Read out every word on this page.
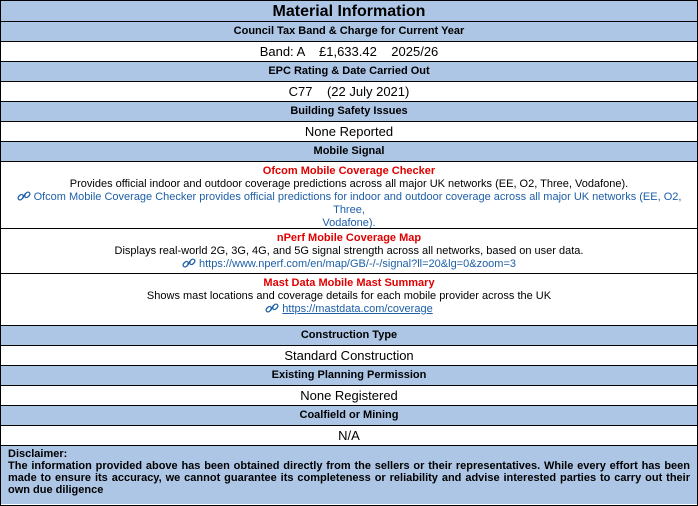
Material Information
Council Tax Band & Charge for Current Year
Band: A £1,633.42 2025/26
EPC Rating & Date Carried Out
C77 (22 July 2021)
Building Safety Issues
None Reported
Mobile Signal
Ofcom Mobile Coverage Checker
Provides official indoor and outdoor coverage predictions across all major UK networks (EE, O2, Three, Vodafone).
Ofcom Mobile Coverage Checker provides official predictions for indoor and outdoor coverage across all major UK networks (EE, O2, Three,
Vodafone).
nPerf Mobile Coverage Map
Displays real-world 2G, 3G, 4G, and 5G signal strength across all networks, based on user data.
https://www.nperf.com/en/map/GB/-/-/signal?ll=20&lg=0&zoom=3
Mast Data Mobile Mast Summary
Shows mast locations and coverage details for each mobile provider across the UK
https://mastdata.com/coverage
Construction Type
Standard Construction
Existing Planning Permission
None Registered
Coalfield or Mining
N/A
Disclaimer:
The information provided above has been obtained directly from the sellers or their representatives. While every effort has been made to ensure its accuracy, we cannot guarantee its completeness or reliability and advise interested parties to carry out their own due diligence
